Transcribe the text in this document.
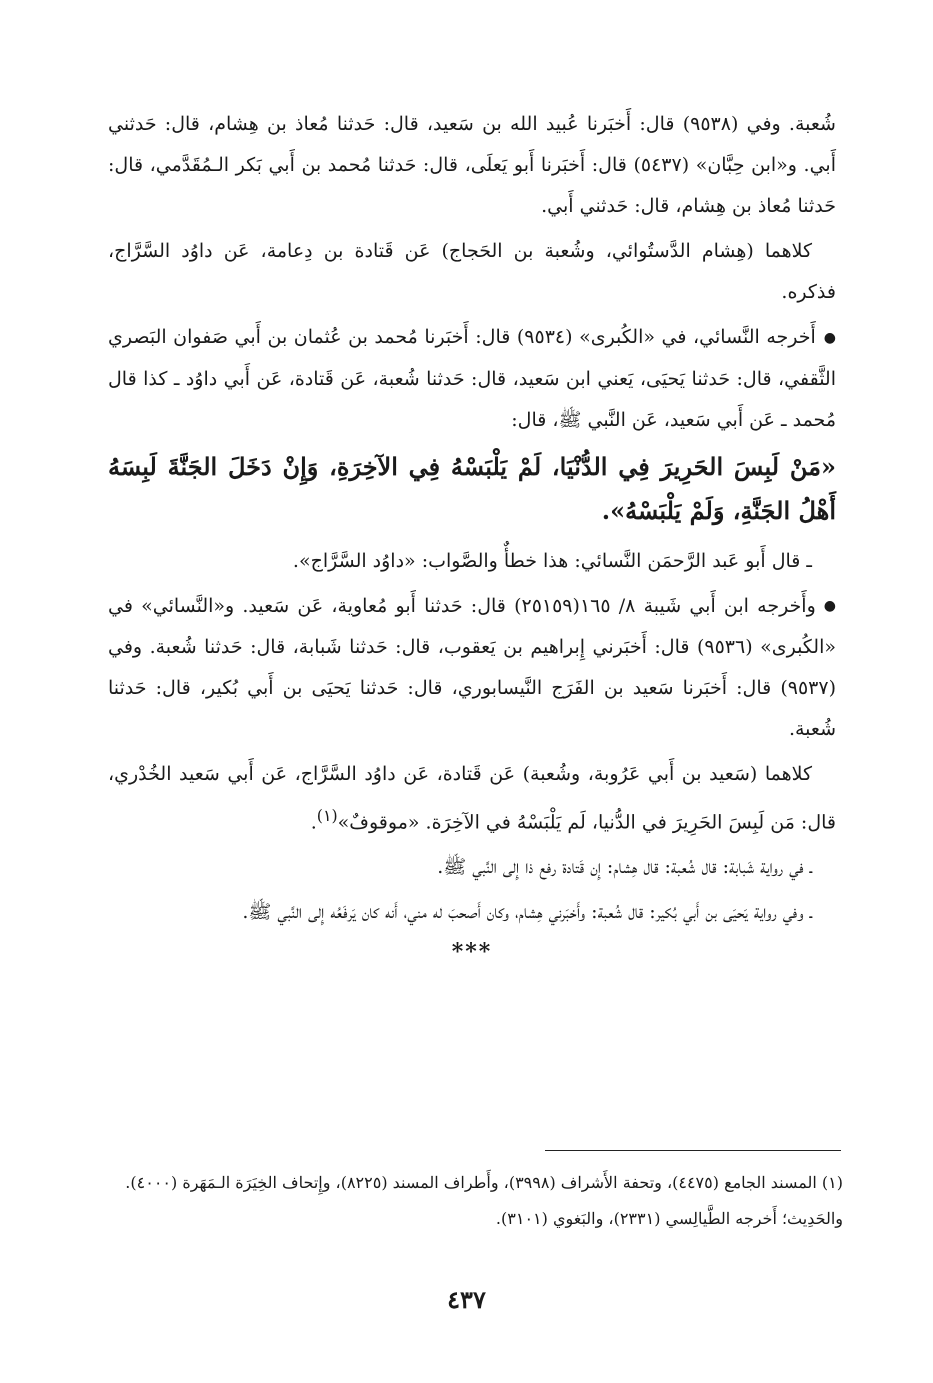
شُعبة. وفي (٩٥٣٨) قال: أَخبَرنا عُبيد الله بن سَعيد، قال: حَدثنا مُعاذ بن هِشام، قال: حَدثني أَبي. و«ابن حِبَّان» (٥٤٣٧) قال: أَخبَرنا أَبو يَعلَى، قال: حَدثنا مُحمد بن أَبي بَكر الـمُقَدَّمي، قال: حَدثنا مُعاذ بن هِشام، قال: حَدثني أَبي.

كلاهما (هِشام الدَّستُوائي، وشُعبة بن الحَجاج) عَن قَتادة بن دِعامة، عَن داوُد السَّرَّاج، فذكره.

●أَخرجه النَّسائي، في «الكُبرى» (٩٥٣٤) قال: أَخبَرنا مُحمد بن عُثمان بن أَبي صَفوان البَصري الثَّقفي، قال: حَدثنا يَحيَى، يَعني ابن سَعيد، قال: حَدثنا شُعبة، عَن قَتادة، عَن أَبي داوُد ـ كذا قال مُحمد ـ عَن أَبي سَعيد، عَن النَّبي ﷺ، قال:

«مَنْ لَبِسَ الحَرِيرَ فِي الدُّنْيَا، لَمْ يَلْبَسْهُ فِي الآخِرَةِ، وَإِنْ دَخَلَ الجَنَّةَ لَبِسَهُ أَهْلُ الجَنَّةِ، وَلَمْ يَلْبَسْهُ».

ـ قال أَبو عَبد الرَّحمَن النَّسائي: هذا خطأٌ والصَّواب: «داوُد السَّرَّاج».

●وأَخرجه ابن أَبي شَيبة ٨/ ١٦٥(٢٥١٥٩) قال: حَدثنا أَبو مُعاوية، عَن سَعيد. و«النَّسائي» في «الكُبرى» (٩٥٣٦) قال: أَخبَرني إِبراهيم بن يَعقوب، قال: حَدثنا شَبابة، قال: حَدثنا شُعبة. وفي (٩٥٣٧) قال: أَخبَرنا سَعيد بن الفَرَج النَّيسابوري، قال: حَدثنا يَحيَى بن أَبي بُكير، قال: حَدثنا شُعبة.

كلاهما (سَعيد بن أَبي عَرُوبة، وشُعبة) عَن قَتادة، عَن داوُد السَّرَّاج، عَن أَبي سَعيد الخُدْري، قال: مَن لَبِسَ الحَرِيرَ في الدُّنيا، لَم يَلْبَسْهُ في الآخِرَة. «موقوفٌ»$^{(١)}$.

ـ في رواية شَبابة: قال شُعبة: قال هِشام: إِن قَتادة رفع ذا إِلى النَّبي ﷺ.

ـ وفي رواية يَحيَى بن أَبي بُكير: قال شُعبة: وأَخبَرني هِشام، وكان أَصحبَ له مني، أَنه كان يَرفَعُه إِلى النَّبي ﷺ.

***

(١) المسند الجامع (٤٤٧٥)، وتحفة الأَشراف (٣٩٩٨)، وأَطراف المسند (٨٢٢٥)، وإِتحاف الخِيَرَة الـمَهَرة (٤٠٠٠).

والحَدِيث؛ أَخرجه الطَّيالِسي (٢٣٣١)، والبَغوي (٣١٠١).

٤٣٧
